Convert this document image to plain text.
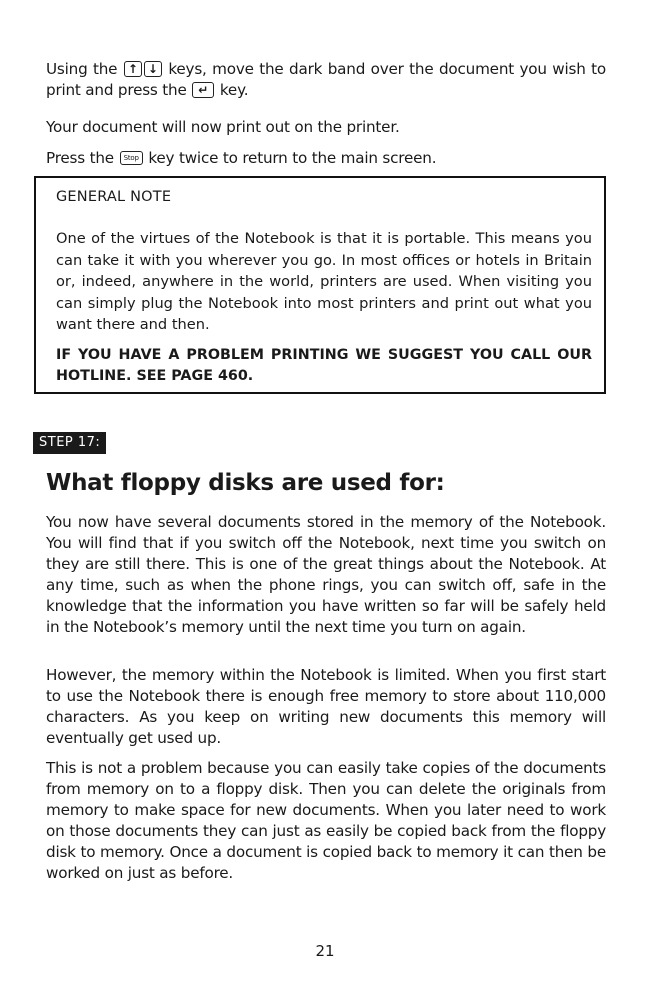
Using the ↑ ↓ keys, move the dark band over the document you wish to print and press the ↵ key.

Your document will now print out on the printer.

Press the Stop key twice to return to the main screen.

GENERAL NOTE

One of the virtues of the Notebook is that it is portable. This means you can take it with you wherever you go. In most offices or hotels in Britain or, indeed, anywhere in the world, printers are used. When visiting you can simply plug the Notebook into most printers and print out what you want there and then.

IF YOU HAVE A PROBLEM PRINTING WE SUGGEST YOU CALL OUR HOTLINE. SEE PAGE 460.

STEP 17:
What floppy disks are used for:

You now have several documents stored in the memory of the Notebook. You will find that if you switch off the Notebook, next time you switch on they are still there. This is one of the great things about the Notebook. At any time, such as when the phone rings, you can switch off, safe in the knowledge that the information you have written so far will be safely held in the Notebook’s memory until the next time you turn on again.

However, the memory within the Notebook is limited. When you first start to use the Notebook there is enough free memory to store about 110,000 characters. As you keep on writing new documents this memory will eventually get used up.

This is not a problem because you can easily take copies of the documents from memory on to a floppy disk. Then you can delete the originals from memory to make space for new documents. When you later need to work on those documents they can just as easily be copied back from the floppy disk to memory. Once a document is copied back to memory it can then be worked on just as before.

21
